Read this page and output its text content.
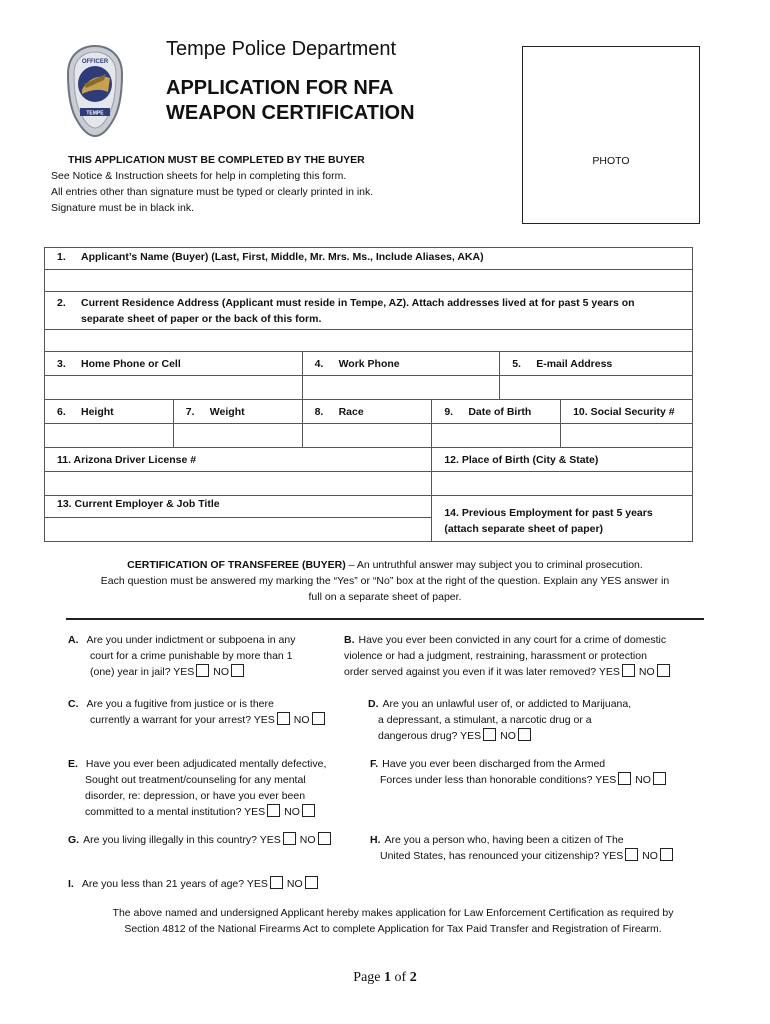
OFFICER
TEMPE
Tempe Police Department
APPLICATION FOR NFA
WEAPON CERTIFICATION
PHOTO
THIS APPLICATION MUST BE COMPLETED BY THE BUYER
See Notice & Instruction sheets for help in completing this form.
All entries other than signature must be typed or clearly printed in ink.
Signature must be in black ink.
1. Applicant’s Name (Buyer) (Last, First, Middle, Mr. Mrs. Ms., Include Aliases, AKA)					

2. Current Residence Address (Applicant must reside in Tempe, AZ). Attach addresses lived at for past 5 years on
separate sheet of paper or the back of this form.					

3. Home Phone or Cell		4. Work Phone		5. E-mail Address	

6. Height	7. Weight	8. Race	9. Date of Birth		10. Social Security #

11. Arizona Driver License #			12. Place of Birth (City & State)		

13. Current Employer & Job Title			14. Previous Employment for past 5 years
(attach separate sheet of paper)		
CERTIFICATION OF TRANSFEREE (BUYER) – An untruthful answer may subject you to criminal prosecution.
Each question must be answered my marking the “Yes” or “No” box at the right of the question. Explain any YES answer in
full on a separate sheet of paper.
A. Are you under indictment or subpoena in any
court for a crime punishable by more than 1
(one) year in jail? YES NO
B. Have you ever been convicted in any court for a crime of domestic
violence or had a judgment, restraining, harassment or protection
order served against you even if it was later removed? YES NO
C. Are you a fugitive from justice or is there
currently a warrant for your arrest? YES NO
D. Are you an unlawful user of, or addicted to Marijuana,
a depressant, a stimulant, a narcotic drug or a
dangerous drug? YES NO
E. Have you ever been adjudicated mentally defective,
Sought out treatment/counseling for any mental
disorder, re: depression, or have you ever been
committed to a mental institution? YES NO
F. Have you ever been discharged from the Armed
Forces under less than honorable conditions? YES NO
G. Are you living illegally in this country? YES NO	H. Are you a person who, having been a citizen of The
United States, has renounced your citizenship? YES NO
I. Are you less than 21 years of age? YES NO
The above named and undersigned Applicant hereby makes application for Law Enforcement Certification as required by
Section 4812 of the National Firearms Act to complete Application for Tax Paid Transfer and Registration of Firearm.
Page 1 of 2
